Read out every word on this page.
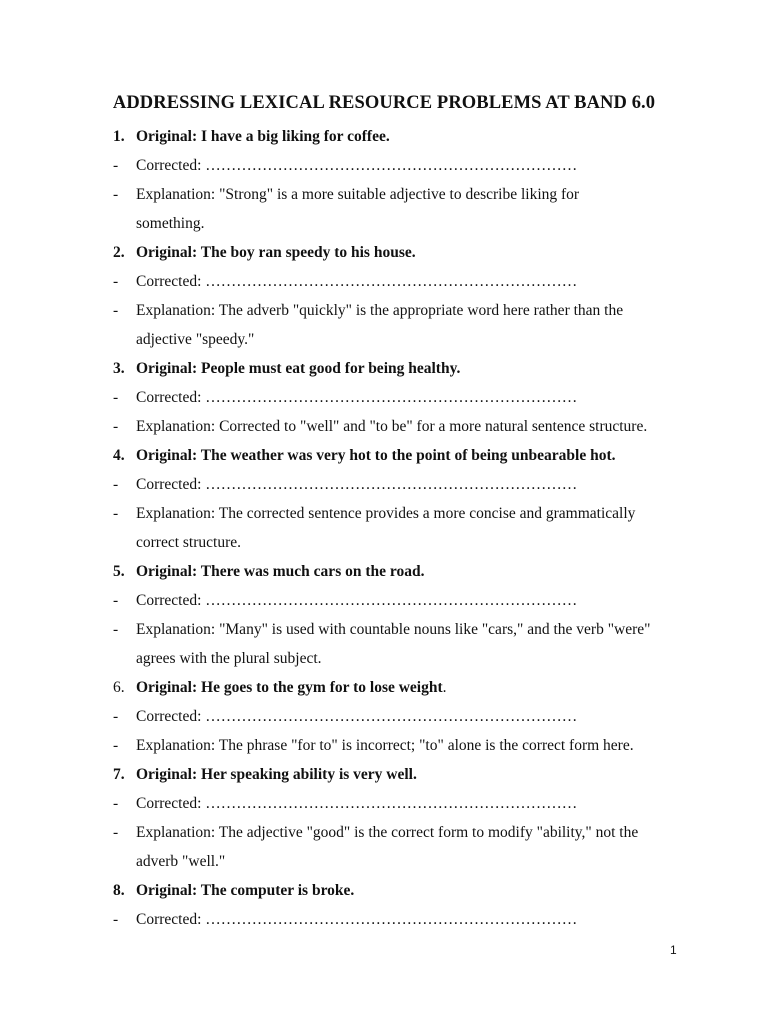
ADDRESSING LEXICAL RESOURCE PROBLEMS AT BAND 6.0
1. Original: I have a big liking for coffee.
- Corrected: ………………………………………………………………
- Explanation: "Strong" is a more suitable adjective to describe liking for
something.
2. Original: The boy ran speedy to his house.
- Corrected: ………………………………………………………………
- Explanation: The adverb "quickly" is the appropriate word here rather than the
adjective "speedy."
3. Original: People must eat good for being healthy.
- Corrected: ………………………………………………………………
- Explanation: Corrected to "well" and "to be" for a more natural sentence structure.
4. Original: The weather was very hot to the point of being unbearable hot.
- Corrected: ………………………………………………………………
- Explanation: The corrected sentence provides a more concise and grammatically
correct structure.
5. Original: There was much cars on the road.
- Corrected: ………………………………………………………………
- Explanation: "Many" is used with countable nouns like "cars," and the verb "were"
agrees with the plural subject.
6. Original: He goes to the gym for to lose weight.
- Corrected: ………………………………………………………………
- Explanation: The phrase "for to" is incorrect; "to" alone is the correct form here.
7. Original: Her speaking ability is very well.
- Corrected: ………………………………………………………………
- Explanation: The adjective "good" is the correct form to modify "ability," not the
adverb "well."
8. Original: The computer is broke.
- Corrected: ………………………………………………………………
1
